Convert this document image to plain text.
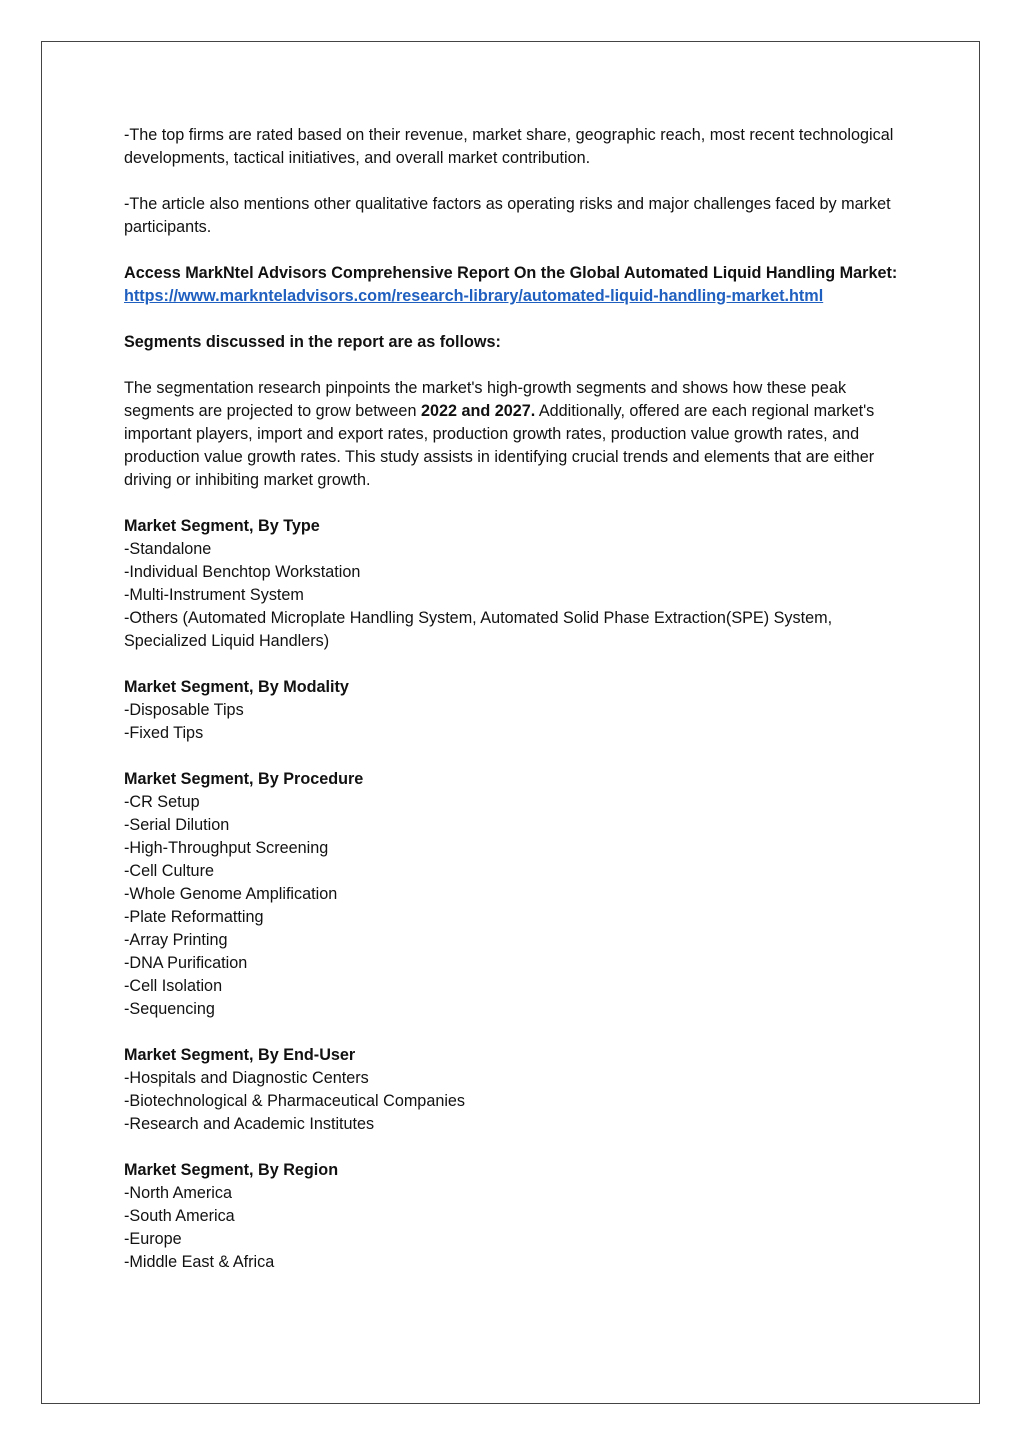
-The top firms are rated based on their revenue, market share, geographic reach, most recent technological developments, tactical initiatives, and overall market contribution.

-The article also mentions other qualitative factors as operating risks and major challenges faced by market participants.

Access MarkNtel Advisors Comprehensive Report On the Global Automated Liquid Handling Market: https://www.marknteladvisors.com/research-library/automated-liquid-handling-market.html

Segments discussed in the report are as follows:

The segmentation research pinpoints the market's high-growth segments and shows how these peak segments are projected to grow between 2022 and 2027. Additionally, offered are each regional market's important players, import and export rates, production growth rates, production value growth rates, and production value growth rates. This study assists in identifying crucial trends and elements that are either driving or inhibiting market growth.

Market Segment, By Type
-Standalone
-Individual Benchtop Workstation
-Multi-Instrument System
-Others (Automated Microplate Handling System, Automated Solid Phase Extraction(SPE) System, Specialized Liquid Handlers)
Market Segment, By Modality
-Disposable Tips
-Fixed Tips
Market Segment, By Procedure
-CR Setup
-Serial Dilution
-High-Throughput Screening
-Cell Culture
-Whole Genome Amplification
-Plate Reformatting
-Array Printing
-DNA Purification
-Cell Isolation
-Sequencing
Market Segment, By End-User
-Hospitals and Diagnostic Centers
-Biotechnological & Pharmaceutical Companies
-Research and Academic Institutes
Market Segment, By Region
-North America
-South America
-Europe
-Middle East & Africa
